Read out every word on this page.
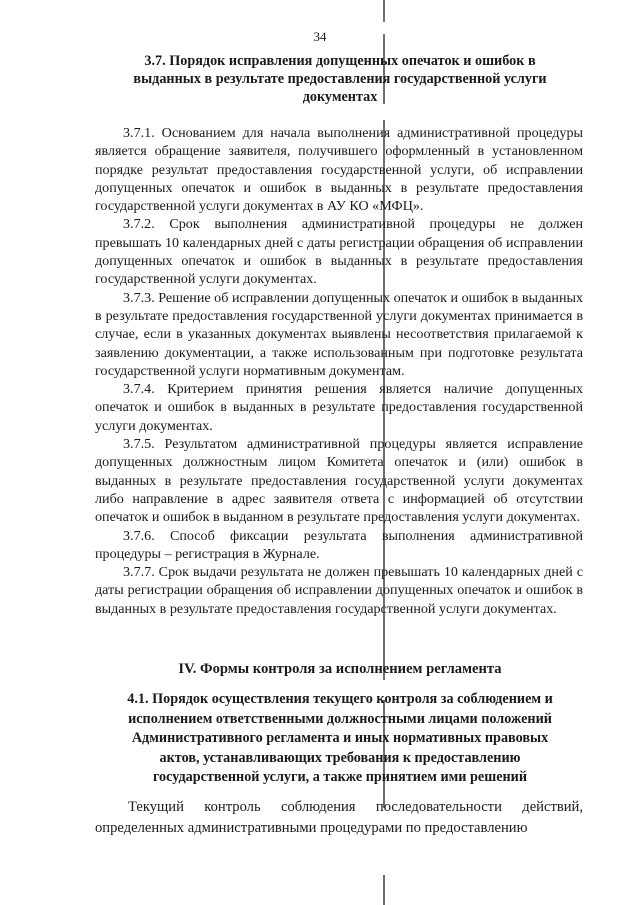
34
3.7. Порядок исправления допущенных опечаток и ошибок в
выданных в результате предоставления государственной услуги
документах

3.7.1. Основанием для начала выполнения административной процедуры является обращение заявителя, получившего оформленный в установленном порядке результат предоставления государственной услуги, об исправлении допущенных опечаток и ошибок в выданных в результате предоставления государственной услуги документах в АУ КО «МФЦ».

3.7.2. Срок выполнения административной процедуры не должен превышать 10 календарных дней с даты регистрации обращения об исправлении допущенных опечаток и ошибок в выданных в результате предоставления государственной услуги документах.

3.7.3. Решение об исправлении допущенных опечаток и ошибок в выданных в результате предоставления государственной услуги документах принимается в случае, если в указанных документах выявлены несоответствия прилагаемой к заявлению документации, а также использованным при подготовке результата государственной услуги нормативным документам.

3.7.4. Критерием принятия решения является наличие допущенных опечаток и ошибок в выданных в результате предоставления государственной услуги документах.

3.7.5. Результатом административной процедуры является исправление допущенных должностным лицом Комитета опечаток и (или) ошибок в выданных в результате предоставления государственной услуги документах либо направление в адрес заявителя ответа с информацией об отсутствии опечаток и ошибок в выданном в результате предоставления услуги документах.

3.7.6. Способ фиксации результата выполнения административной процедуры – регистрация в Журнале.

3.7.7. Срок выдачи результата не должен превышать 10 календарных дней с даты регистрации обращения об исправлении допущенных опечаток и ошибок в выданных в результате предоставления государственной услуги документах.

IV. Формы контроля за исполнением регламента
4.1. Порядок осуществления текущего контроля за соблюдением и
исполнением ответственными должностными лицами положений
Административного регламента и иных нормативных правовых
актов, устанавливающих требования к предоставлению
государственной услуги, а также принятием ими решений

Текущий контроль соблюдения последовательности действий, определенных административными процедурами по предоставлению
